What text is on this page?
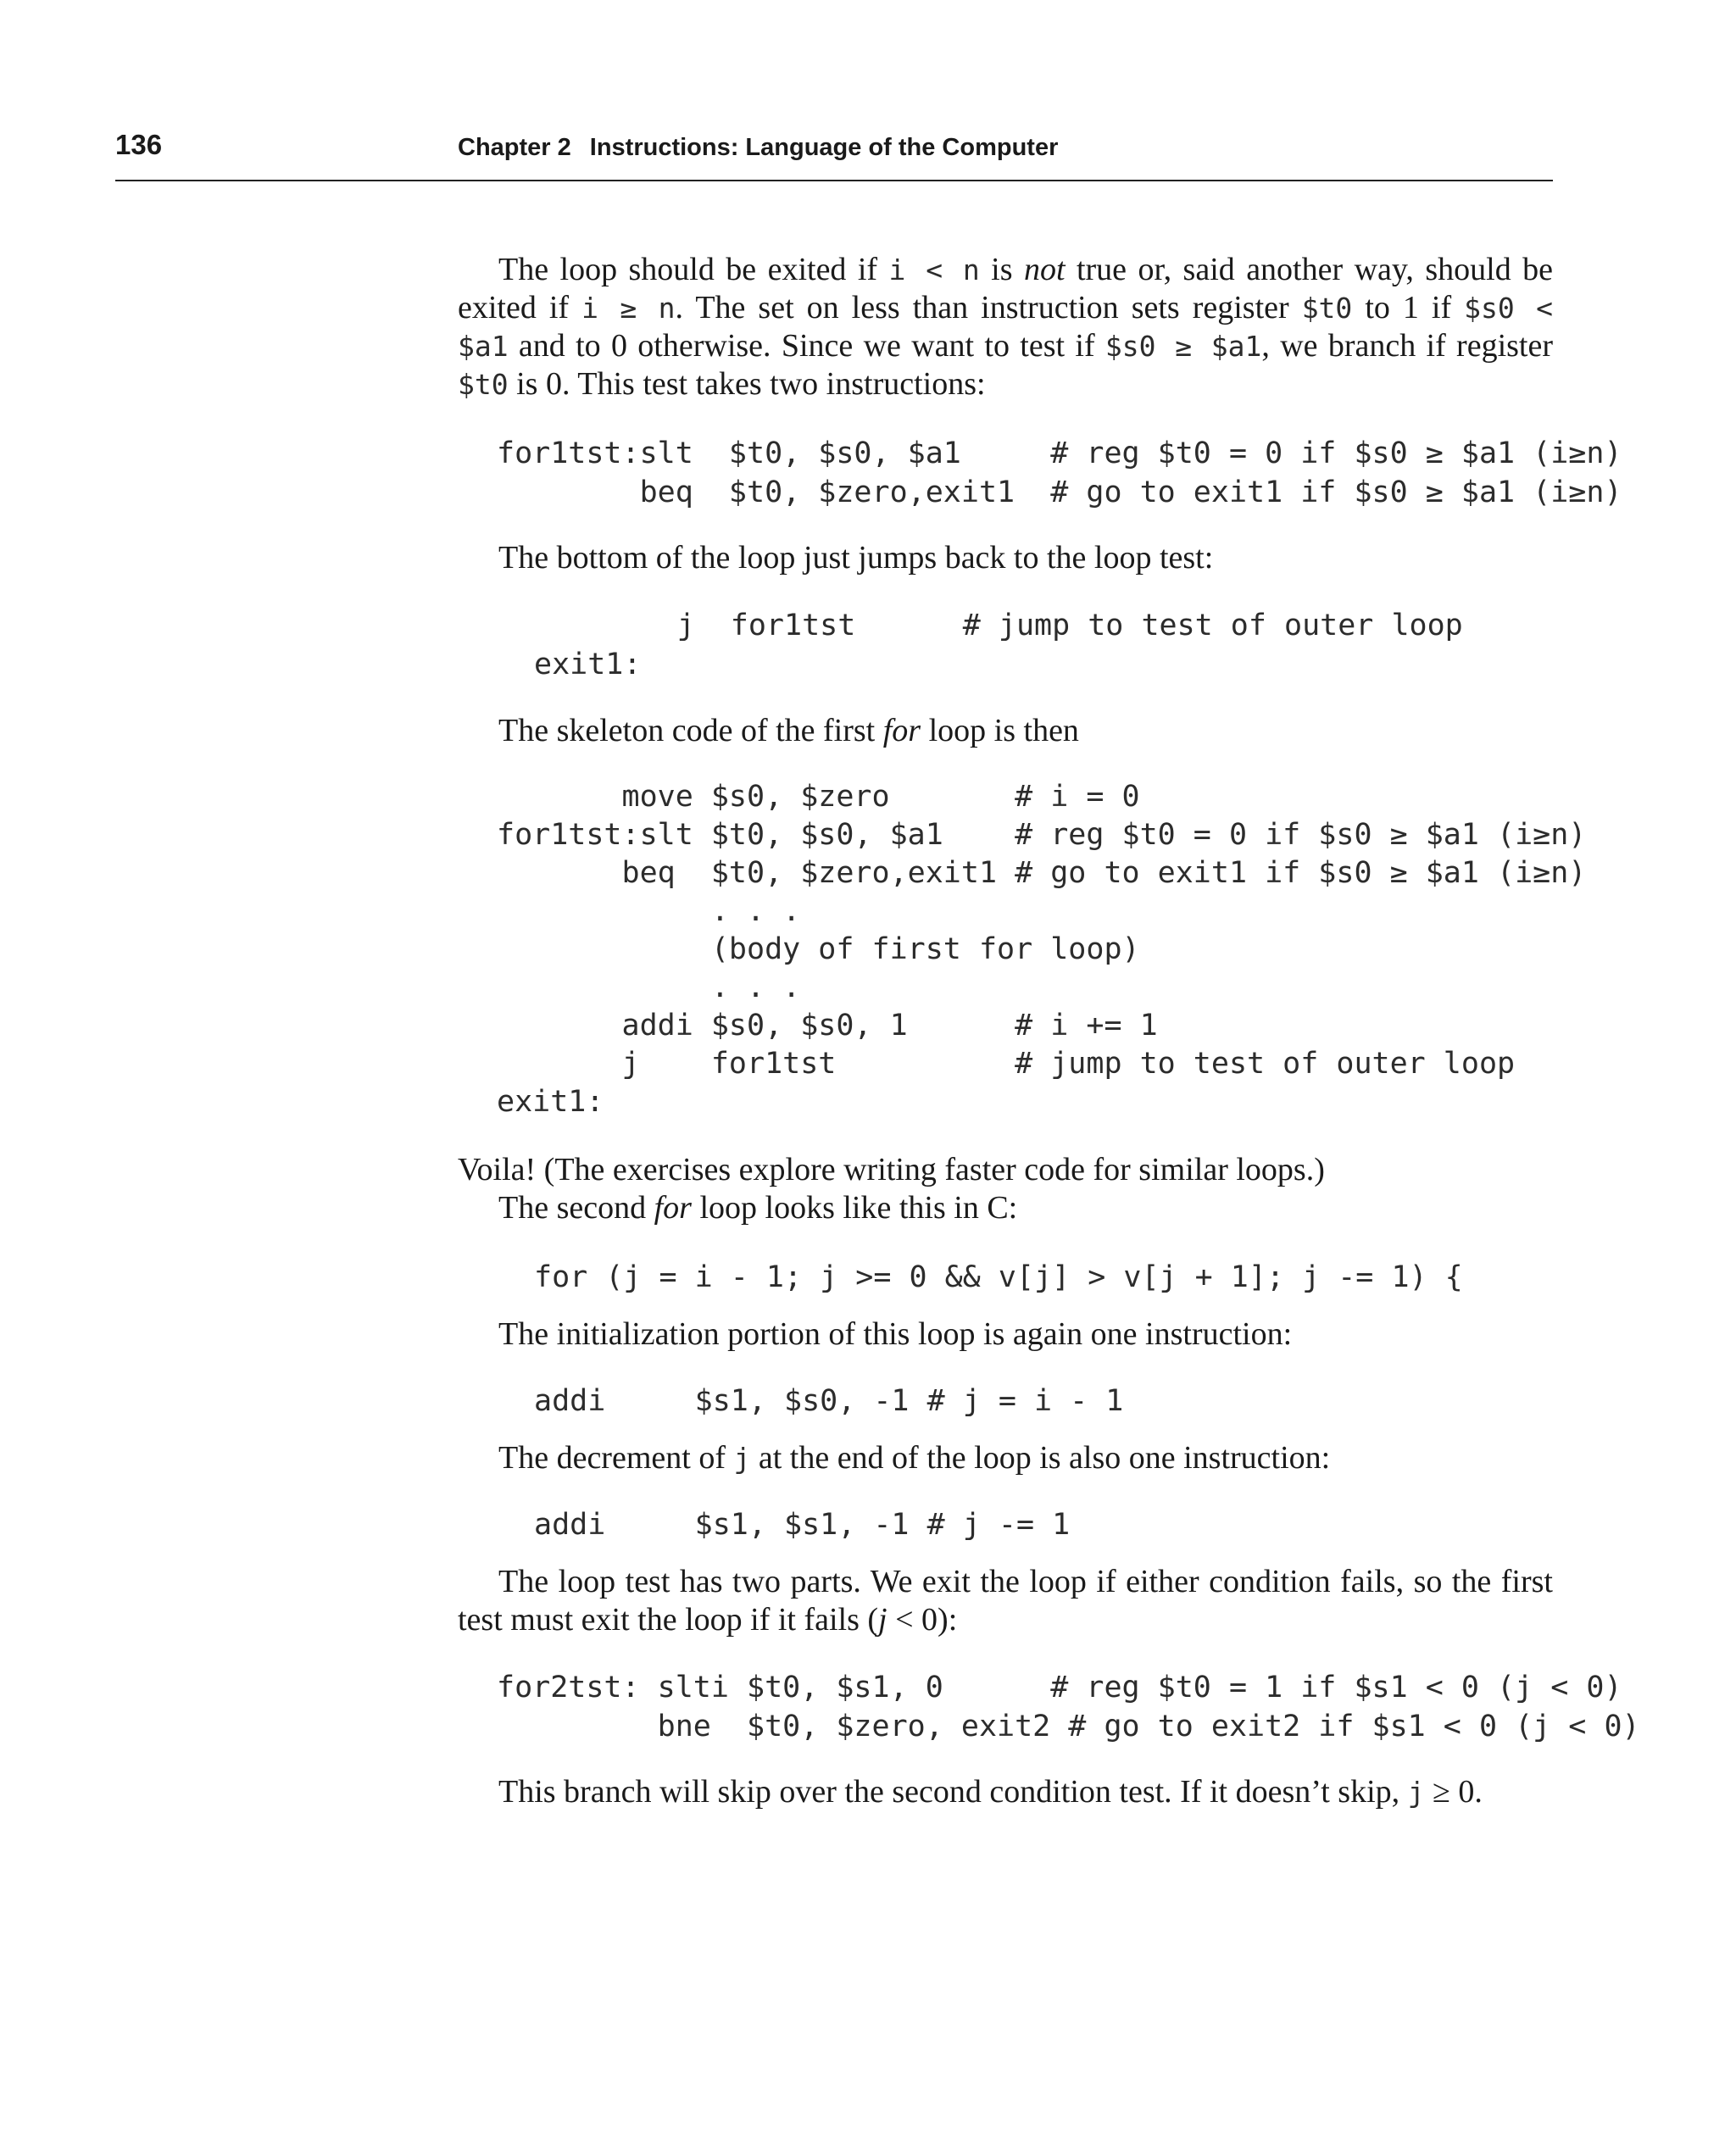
136	Chapter 2 Instructions: Language of the Computer
The loop should be exited if i < n is not true or, said another way, should be
exited if i ≥ n. The set on less than instruction sets register $t0 to 1 if $s0 <
$a1 and to 0 otherwise. Since we want to test if $s0 ≥ $a1, we branch if register
$t0 is 0. This test takes two instructions:
for1tst:slt  $t0, $s0, $a1     # reg $t0 = 0 if $s0 ≥ $a1 (i≥n)
beq  $t0, $zero,exit1  # go to exit1 if $s0 ≥ $a1 (i≥n)
The bottom of the loop just jumps back to the loop test:
j  for1tst      # jump to test of outer loop
exit1:
The skeleton code of the first for loop is then
move $s0, $zero       # i = 0
for1tst:slt $t0, $s0, $a1    # reg $t0 = 0 if $s0 ≥ $a1 (i≥n)
beq  $t0, $zero,exit1 # go to exit1 if $s0 ≥ $a1 (i≥n)
. . .
(body of first for loop)
. . .
addi $s0, $s0, 1      # i += 1
j    for1tst          # jump to test of outer loop
exit1:
Voila! (The exercises explore writing faster code for similar loops.)
The second for loop looks like this in C:
for (j = i - 1; j >= 0 && v[j] > v[j + 1]; j -= 1) {
The initialization portion of this loop is again one instruction:
addi     $s1, $s0, -1 # j = i - 1
The decrement of j at the end of the loop is also one instruction:
addi     $s1, $s1, -1 # j -= 1
The loop test has two parts. We exit the loop if either condition fails, so the first
test must exit the loop if it fails (j < 0):
for2tst: slti $t0, $s1, 0      # reg $t0 = 1 if $s1 < 0 (j < 0)
bne  $t0, $zero, exit2 # go to exit2 if $s1 < 0 (j < 0)
This branch will skip over the second condition test. If it doesn’t skip, j ≥ 0.
